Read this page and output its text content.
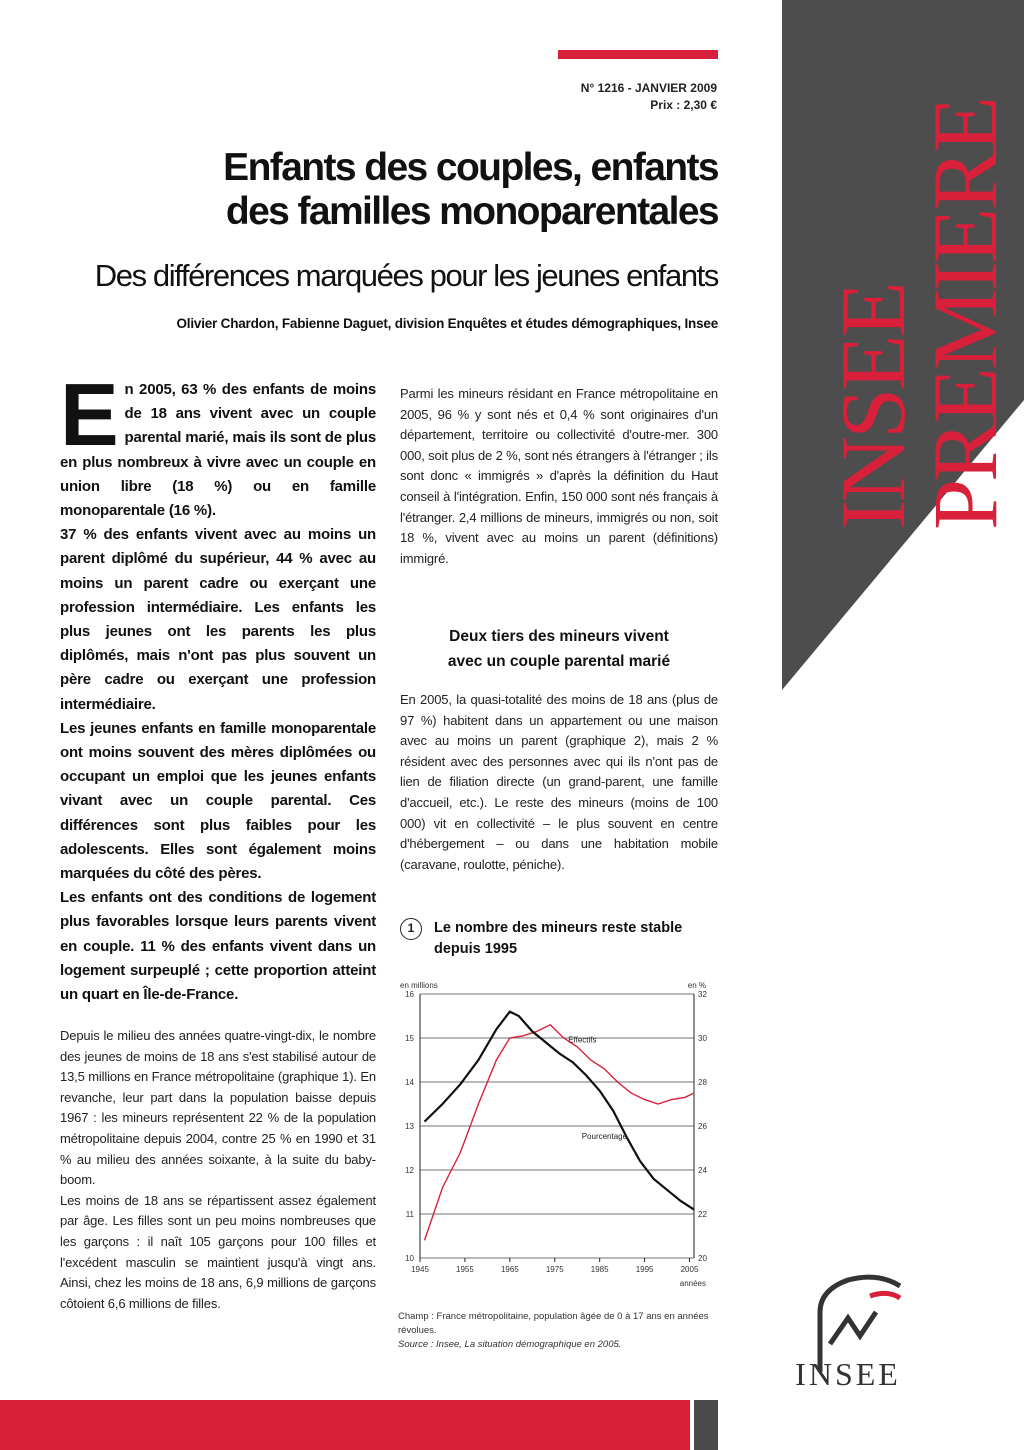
N° 1216 - JANVIER 2009
Prix : 2,30 €
INSEE
PREMIERE
Enfants des couples, enfants
des familles monoparentales
Des différences marquées pour les jeunes enfants
Olivier Chardon, Fabienne Daguet, division Enquêtes et études démographiques, Insee

En 2005, 63 % des enfants de moins de 18 ans vivent avec un couple parental marié, mais ils sont de plus en plus nombreux à vivre avec un couple en union libre (18 %) ou en famille monoparentale (16 %).

37 % des enfants vivent avec au moins un parent diplômé du supérieur, 44 % avec au moins un parent cadre ou exerçant une profession intermédiaire. Les enfants les plus jeunes ont les parents les plus diplômés, mais n'ont pas plus souvent un père cadre ou exerçant une profession intermédiaire.

Les jeunes enfants en famille monoparentale ont moins souvent des mères diplômées ou occupant un emploi que les jeunes enfants vivant avec un couple parental. Ces différences sont plus faibles pour les adolescents. Elles sont également moins marquées du côté des pères.

Les enfants ont des conditions de logement plus favorables lorsque leurs parents vivent en couple. 11 % des enfants vivent dans un logement surpeuplé ; cette proportion atteint un quart en Île-de-France.

Depuis le milieu des années quatre-vingt-dix, le nombre des jeunes de moins de 18 ans s'est stabilisé autour de 13,5 millions en France métropolitaine (graphique 1). En revanche, leur part dans la population baisse depuis 1967 : les mineurs représentent 22 % de la population métropolitaine depuis 2004, contre 25 % en 1990 et 31 % au milieu des années soixante, à la suite du baby-boom.

Les moins de 18 ans se répartissent assez également par âge. Les filles sont un peu moins nombreuses que les garçons : il naît 105 garçons pour 100 filles et l'excédent masculin se maintient jusqu'à vingt ans. Ainsi, chez les moins de 18 ans, 6,9 millions de garçons côtoient 6,6 millions de filles.

Parmi les mineurs résidant en France métropolitaine en 2005, 96 % y sont nés et 0,4 % sont originaires d'un département, territoire ou collectivité d'outre-mer. 300 000, soit plus de 2 %, sont nés étrangers à l'étranger ; ils sont donc « immigrés » d'après la définition du Haut conseil à l'intégration. Enfin, 150 000 sont nés français à l'étranger. 2,4 millions de mineurs, immigrés ou non, soit 18 %, vivent avec au moins un parent (définitions) immigré.

Deux tiers des mineurs vivent
avec un couple parental marié

En 2005, la quasi-totalité des moins de 18 ans (plus de 97 %) habitent dans un appartement ou une maison avec au moins un parent (graphique 2), mais 2 % résident avec des personnes avec qui ils n'ont pas de lien de filiation directe (un grand-parent, une famille d'accueil, etc.). Le reste des mineurs (moins de 100 000) vit en collectivité – le plus souvent en centre d'hébergement – ou dans une habitation mobile (caravane, roulotte, péniche).

1	Le nombre des mineurs reste stable depuis 1995
10
11
12
13
14
15
16
20
22
24
26
28
30
32
1945	1955	1965	1975	1985	1995	2005
en millions	en %
années
Effectifs
Pourcentage
Champ : France métropolitaine, population âgée de 0 à 17 ans en années révolues.
Source : Insee, La situation démographique en 2005.
INSEE
